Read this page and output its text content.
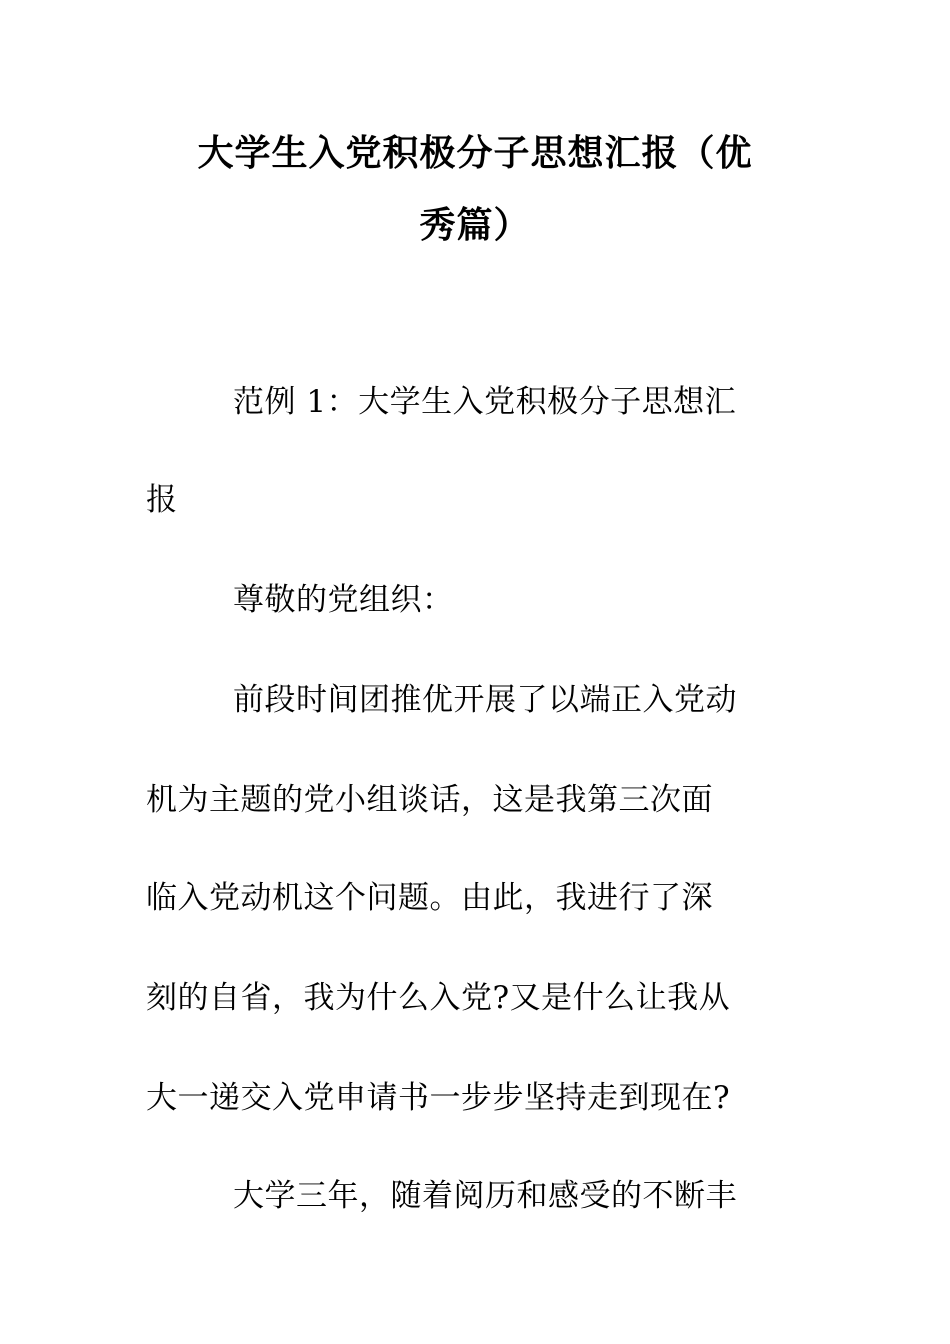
大学生入党积极分子思想汇报（优
秀篇）
范例 1：大学生入党积极分子思想汇
报
尊敬的党组织：
前段时间团推优开展了以端正入党动
机为主题的党小组谈话，这是我第三次面
临入党动机这个问题。由此，我进行了深
刻的自省，我为什么入党?又是什么让我从
大一递交入党申请书一步步坚持走到现在?
大学三年，随着阅历和感受的不断丰
